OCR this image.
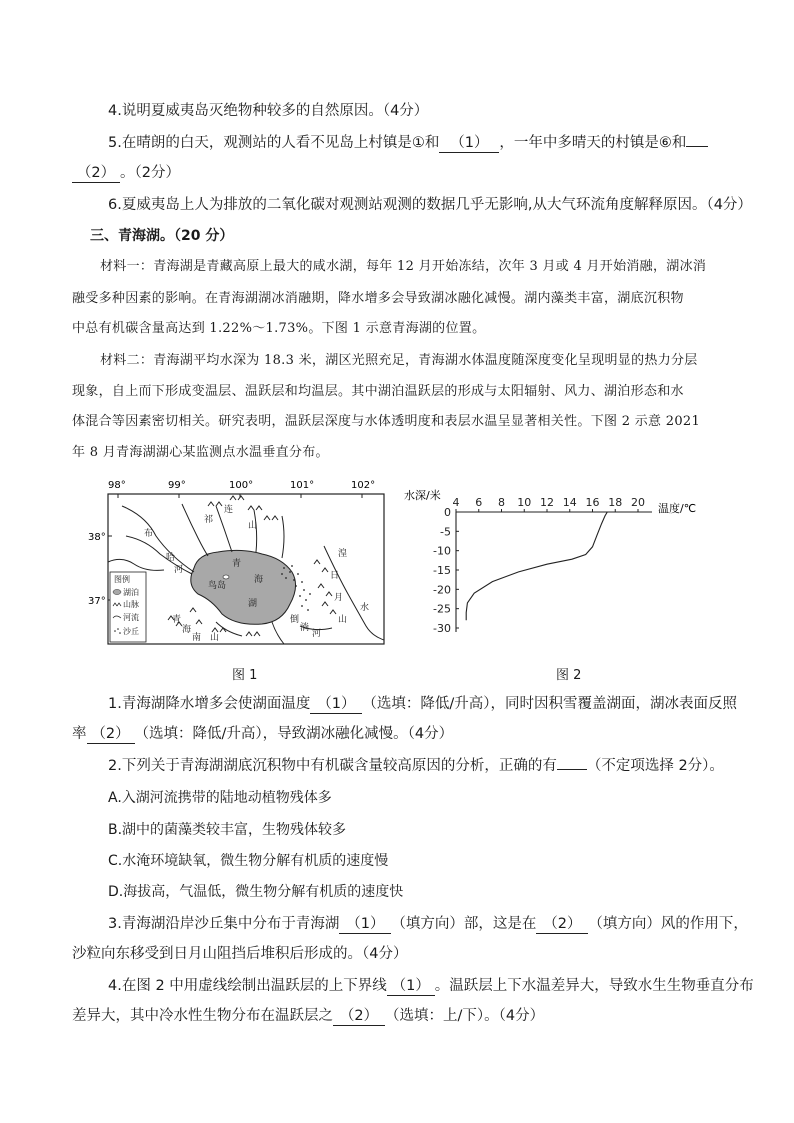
4.说明夏威夷岛灭绝物种较多的自然原因。（4分）
5.在晴朗的白天，观测站的人看不见岛上村镇是①和 （1） ，一年中多晴天的村镇是⑥和
（2） 。（2分）
6.夏威夷岛上人为排放的二氧化碳对观测站观测的数据几乎无影响,从大气环流角度解释原因。（4分）
三、青海湖。（20 分）
材料一：青海湖是青藏高原上最大的咸水湖，每年 12 月开始冻结，次年 3 月或 4 月开始消融，湖冰消
融受多种因素的影响。在青海湖湖冰消融期，降水增多会导致湖冰融化减慢。湖内藻类丰富，湖底沉积物
中总有机碳含量高达到 1.22%～1.73%。下图 1 示意青海湖的位置。
材料二：青海湖平均水深为 18.3 米，湖区光照充足，青海湖水体温度随深度变化呈现明显的热力分层
现象，自上而下形成变温层、温跃层和均温层。其中湖泊温跃层的形成与太阳辐射、风力、湖泊形态和水
体混合等因素密切相关。研究表明，温跃层深度与水体透明度和表层水温呈显著相关性。下图 2 示意 2021
年 8 月青海湖湖心某监测点水温垂直分布。
98°	99°	100°	101°	102°
38°
37°
祁
连
山
布
哈
河
青
海
鸟岛
湖
湟
日
月
山
水
青
海
南 山
倒
淌
河
图例
湖泊
山脉
河流
沙丘
图 1
水深/米
温度/℃
4 6 8 10 12 14 16 18 20
0
-5
-10
-15
-20
-25
-30
图 2
1.青海湖降水增多会使湖面温度 （1） （选填：降低/升高），同时因积雪覆盖湖面，湖冰表面反照
率 （2） （选填：降低/升高），导致湖冰融化减慢。（4分）
2.下列关于青海湖湖底沉积物中有机碳含量较高原因的分析，正确的有 （不定项选择 2分）。
A.入湖河流携带的陆地动植物残体多
B.湖中的菌藻类较丰富，生物残体较多
C.水淹环境缺氧，微生物分解有机质的速度慢
D.海拔高，气温低，微生物分解有机质的速度快
3.青海湖沿岸沙丘集中分布于青海湖 （1） （填方向）部，这是在 （2） （填方向）风的作用下，
沙粒向东移受到日月山阻挡后堆积后形成的。（4分）
4.在图 2 中用虚线绘制出温跃层的上下界线 （1） 。温跃层上下水温差异大，导致水生生物垂直分布
差异大，其中冷水性生物分布在温跃层之 （2） （选填：上/下）。（4分）
